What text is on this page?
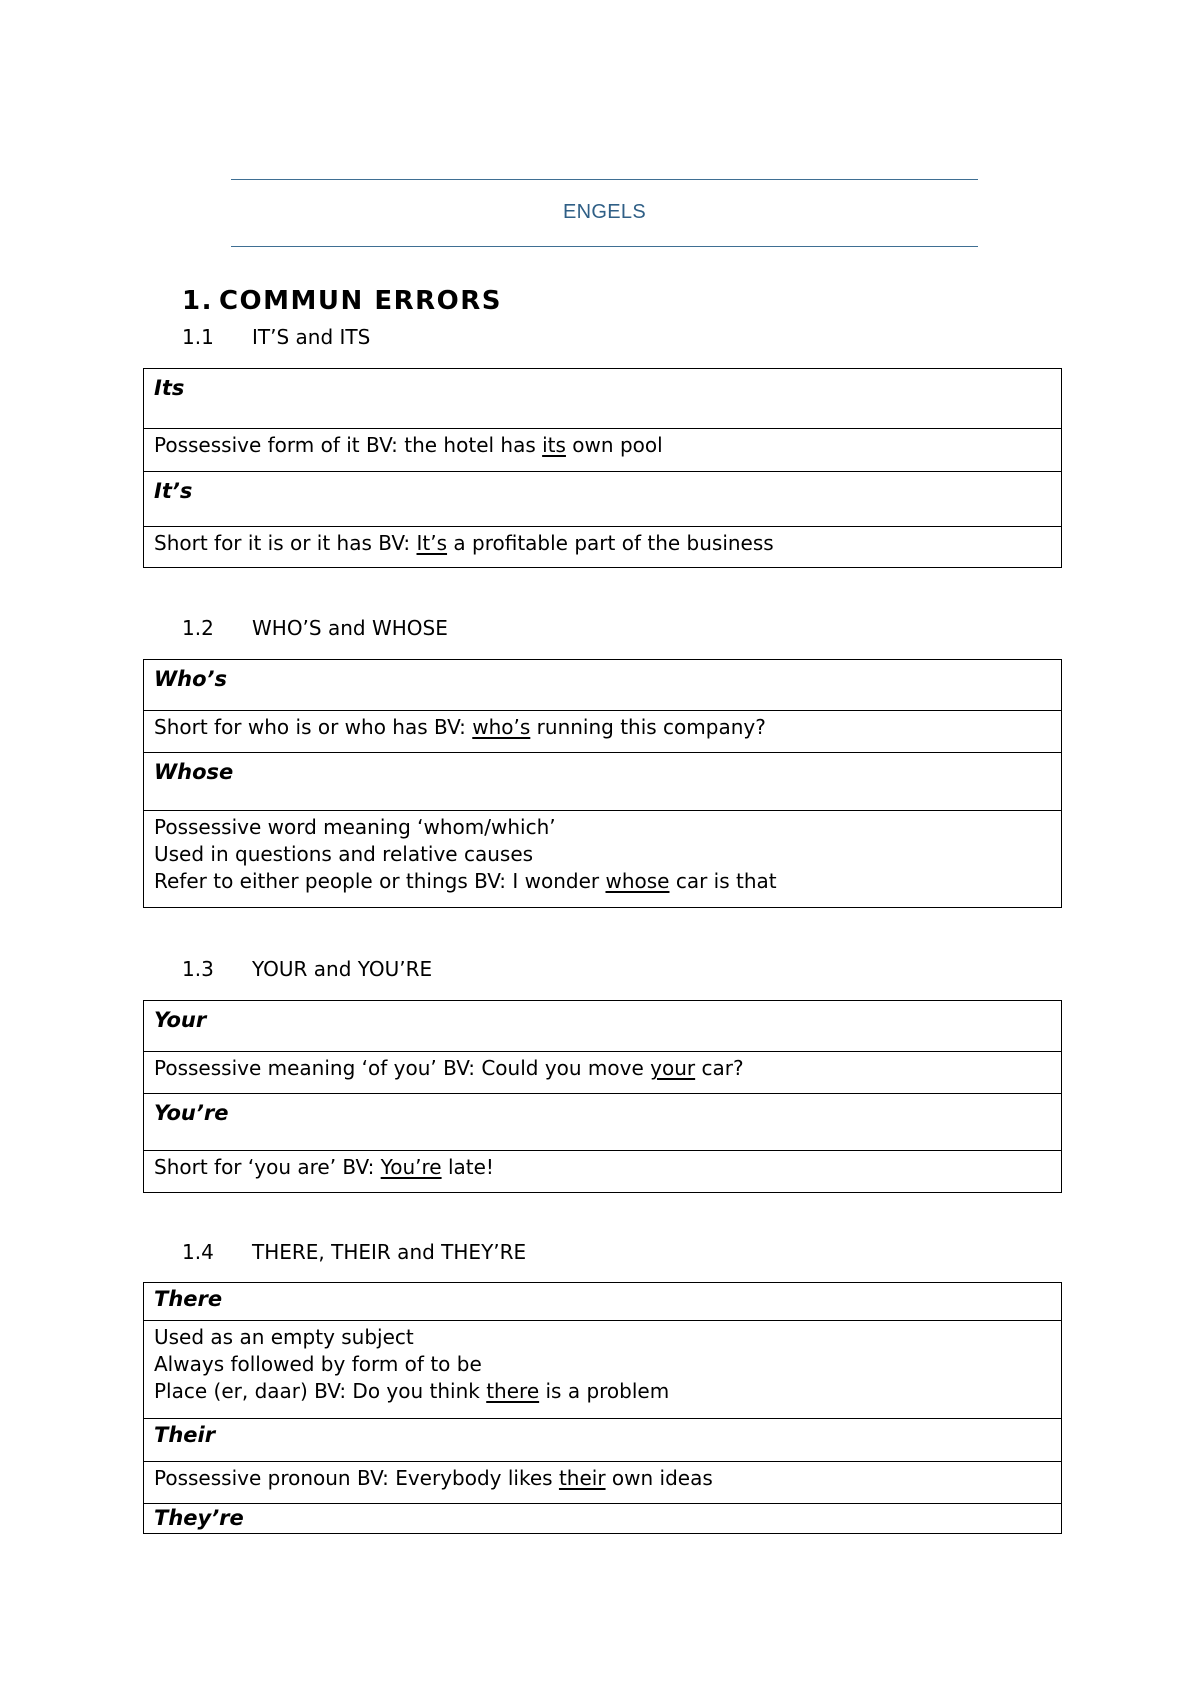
ENGELS
1. COMMUN ERRORS
1.1 IT’S and ITS
Its
Possessive form of it BV: the hotel has its own pool
It’s
Short for it is or it has BV: It’s a profitable part of the business
1.2 WHO’S and WHOSE
Who’s
Short for who is or who has BV: who’s running this company?
Whose
Possessive word meaning ‘whom/which’
Used in questions and relative causes
Refer to either people or things BV: I wonder whose car is that
1.3 YOUR and YOU’RE
Your
Possessive meaning ‘of you’ BV: Could you move your car?
You’re
Short for ‘you are’ BV: You’re late!
1.4 THERE, THEIR and THEY’RE
There
Used as an empty subject
Always followed by form of to be
Place (er, daar) BV: Do you think there is a problem
Their
Possessive pronoun BV: Everybody likes their own ideas
They’re
